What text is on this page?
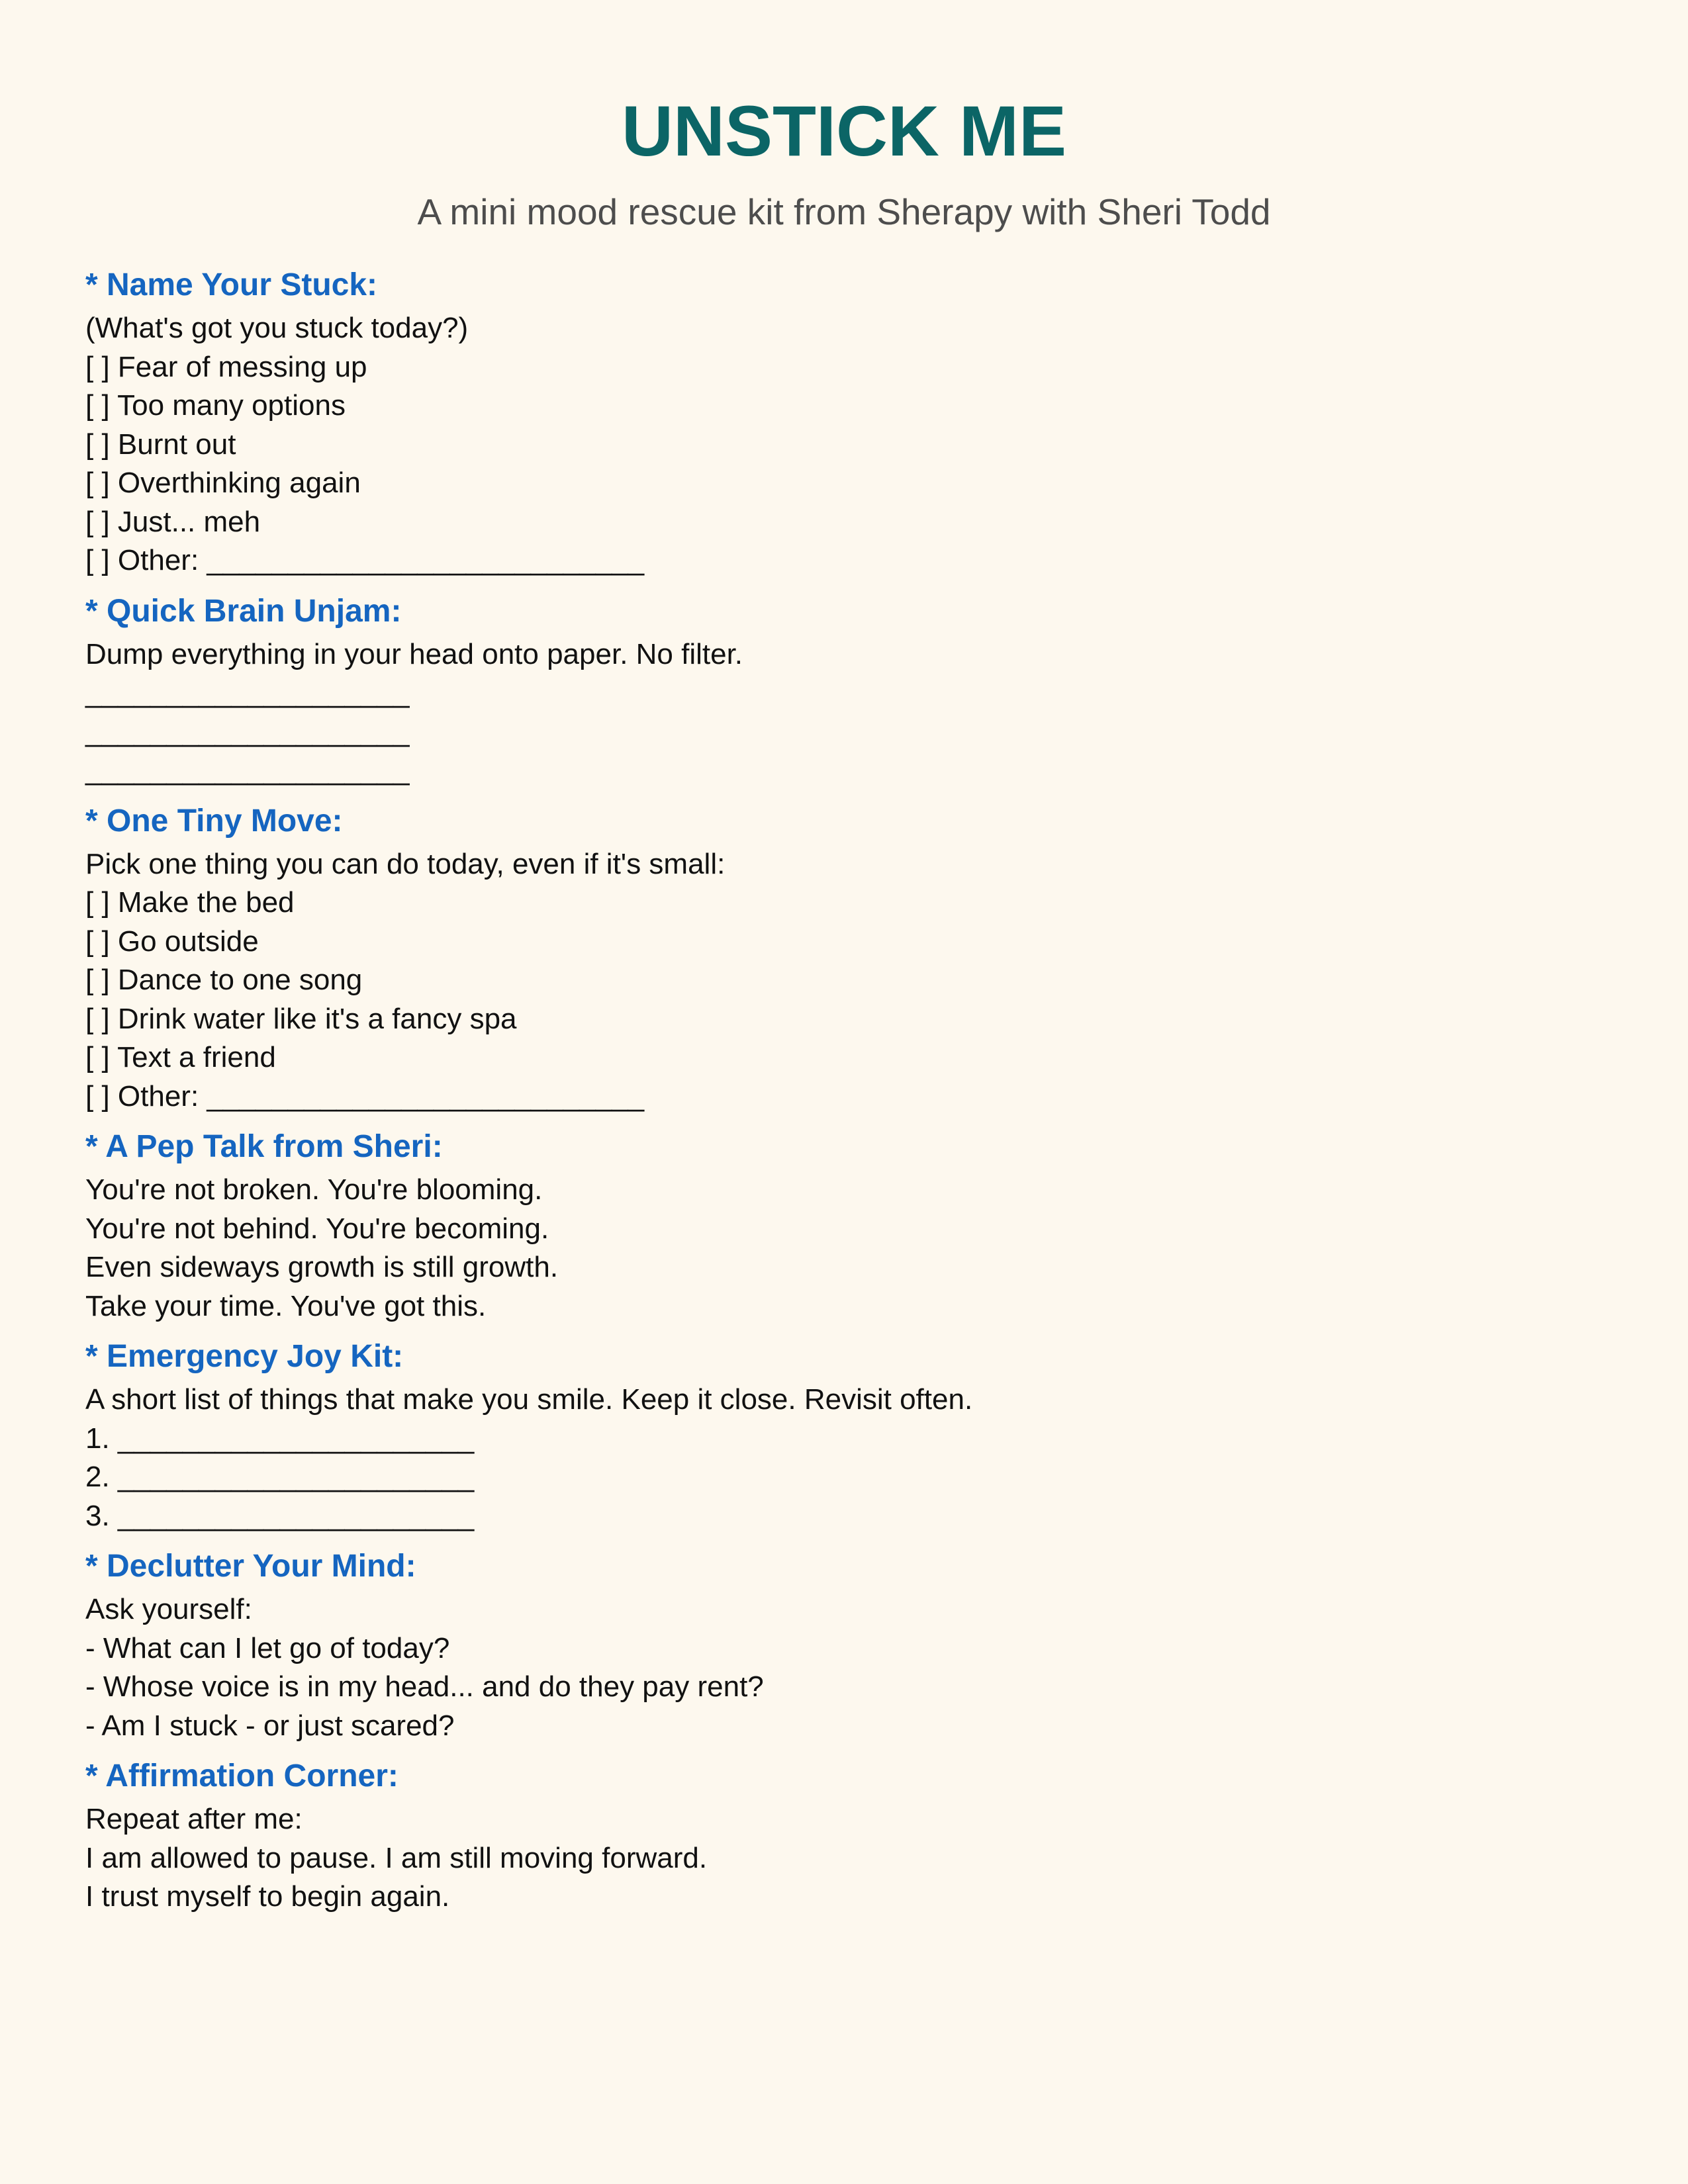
UNSTICK ME

A mini mood rescue kit from Sherapy with Sheri Todd

* Name Your Stuck:

(What's got you stuck today?)

[ ] Fear of messing up

[ ] Too many options

[ ] Burnt out

[ ] Overthinking again

[ ] Just... meh

[ ] Other: ___________________________

* Quick Brain Unjam:

Dump everything in your head onto paper. No filter.

____________________

____________________

____________________

* One Tiny Move:

Pick one thing you can do today, even if it's small:

[ ] Make the bed

[ ] Go outside

[ ] Dance to one song

[ ] Drink water like it's a fancy spa

[ ] Text a friend

[ ] Other: ___________________________

* A Pep Talk from Sheri:

You're not broken. You're blooming.

You're not behind. You're becoming.

Even sideways growth is still growth.

Take your time. You've got this.

* Emergency Joy Kit:

A short list of things that make you smile. Keep it close. Revisit often.

1. ______________________

2. ______________________

3. ______________________

* Declutter Your Mind:

Ask yourself:

- What can I let go of today?

- Whose voice is in my head... and do they pay rent?

- Am I stuck - or just scared?

* Affirmation Corner:

Repeat after me:

I am allowed to pause. I am still moving forward.

I trust myself to begin again.
